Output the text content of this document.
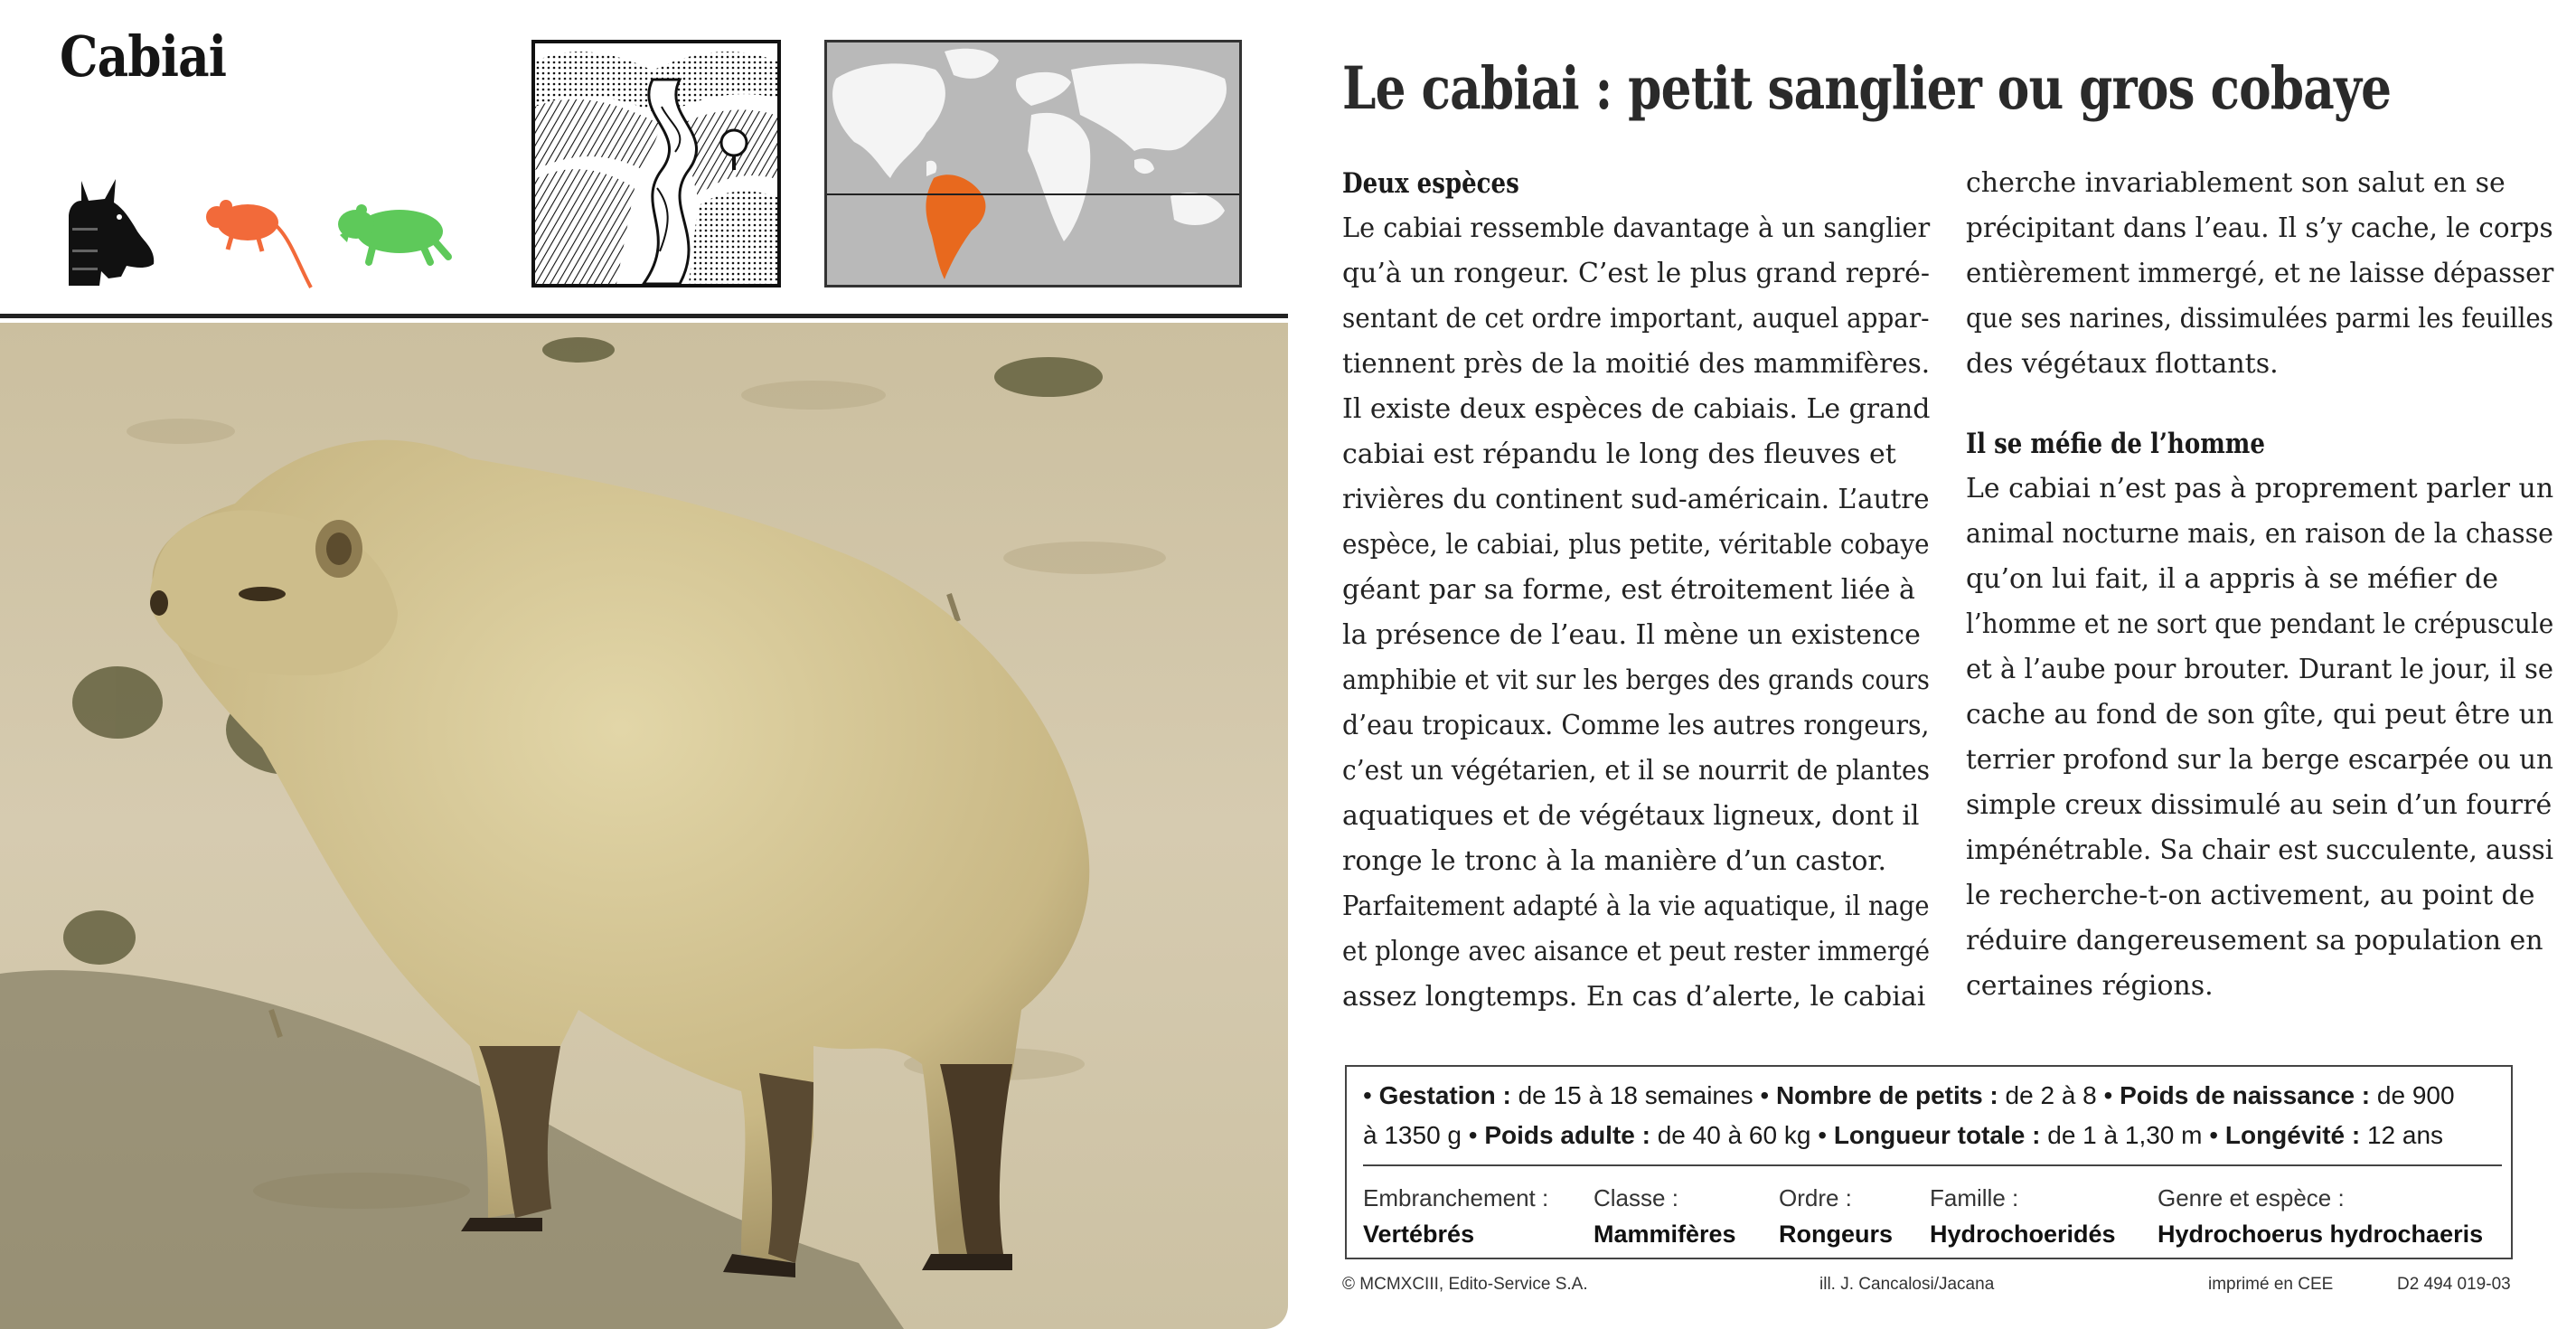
Cabiai	Le cabiai : petit sanglier ou gros cobaye
Deux espèces
Le cabiai ressemble davantage à un sanglier
qu’à un rongeur. C’est le plus grand repré-
sentant de cet ordre important, auquel appar-
tiennent près de la moitié des mammifères.
Il existe deux espèces de cabiais. Le grand
cabiai est répandu le long des fleuves et
rivières du continent sud-américain. L’autre
espèce, le cabiai, plus petite, véritable cobaye
géant par sa forme, est étroitement liée à
la présence de l’eau. Il mène un existence
amphibie et vit sur les berges des grands cours
d’eau tropicaux. Comme les autres rongeurs,
c’est un végétarien, et il se nourrit de plantes
aquatiques et de végétaux ligneux, dont il
ronge le tronc à la manière d’un castor.
Parfaitement adapté à la vie aquatique, il nage
et plonge avec aisance et peut rester immergé
assez longtemps. En cas d’alerte, le cabiai
cherche invariablement son salut en se
précipitant dans l’eau. Il s’y cache, le corps
entièrement immergé, et ne laisse dépasser
que ses narines, dissimulées parmi les feuilles
des végétaux flottants.
Il se méfie de l’homme
Le cabiai n’est pas à proprement parler un
animal nocturne mais, en raison de la chasse
qu’on lui fait, il a appris à se méfier de
l’homme et ne sort que pendant le crépuscule
et à l’aube pour brouter. Durant le jour, il se
cache au fond de son gîte, qui peut être un
terrier profond sur la berge escarpée ou un
simple creux dissimulé au sein d’un fourré
impénétrable. Sa chair est succulente, aussi
le recherche-t-on activement, au point de
réduire dangereusement sa population en
certaines régions.
• Gestation : de 15 à 18 semaines • Nombre de petits : de 2 à 8 • Poids de naissance : de 900
à 1350 g • Poids adulte : de 40 à 60 kg • Longueur totale : de 1 à 1,30 m • Longévité : 12 ans
Embranchement :
Vertébrés
Classe :
Mammifères
Ordre :
Rongeurs
Famille :
Hydrochoeridés
Genre et espèce :
Hydrochoerus hydrochaeris
© MCMXCIII, Edito-Service S.A.	ill. J. Cancalosi/Jacana	imprimé en CEE	D2 494 019-03
